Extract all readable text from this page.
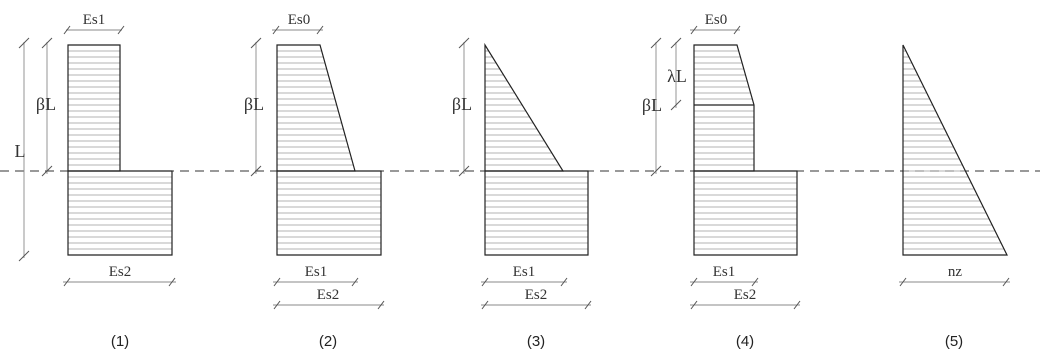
Es1
L
βL
Es2
(1)
Es0
βL
Es1
Es2
(2)
βL
Es1
Es2
(3)
Es0
λL
βL
Es1
Es2
(4)
nz
(5)
